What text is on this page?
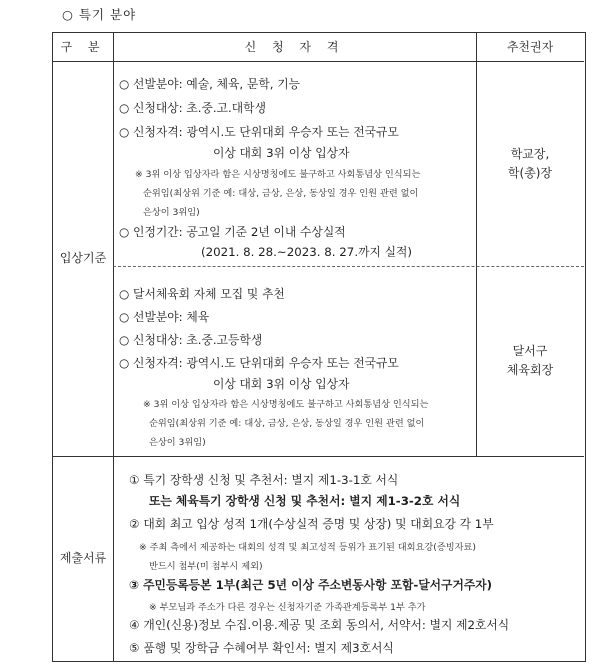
○ 특기 분야
구 분	신 청 자 격	추천권자
입상기준
제출서류
학교장,
학(총)장
달서구
체육회장
○ 선발분야: 예술, 체육, 문학, 기능
○ 신청대상: 초.중.고.대학생
○ 신청자격: 광역시.도 단위대회 우승자 또는 전국규모
이상 대회 3위 이상 입상자
※ 3위 이상 입상자라 함은 시상명칭에도 불구하고 사회통념상 인식되는
순위임(최상위 기준 예: 대상, 금상, 은상, 동상일 경우 인원 관련 없이
은상이 3위임)
○ 인정기간: 공고일 기준 2년 이내 수상실적
(2021. 8. 28.~2023. 8. 27.까지 실적)
○ 달서체육회 자체 모집 및 추천
○ 선발분야: 체육
○ 신청대상: 초.중.고등학생
○ 신청자격: 광역시.도 단위대회 우승자 또는 전국규모
이상 대회 3위 이상 입상자
※ 3위 이상 입상자라 함은 시상명칭에도 불구하고 사회통념상 인식되는
순위임(최상위 기준 예: 대상, 금상, 은상, 동상일 경우 인원 관련 없이
은상이 3위임)
① 특기 장학생 신청 및 추천서: 별지 제1-3-1호 서식
또는 체육특기 장학생 신청 및 추천서: 별지 제1-3-2호 서식
② 대회 최고 입상 성적 1개(수상실적 증명 및 상장) 및 대회요강 각 1부
※ 주최 측에서 제공하는 대회의 성격 및 최고성적 등위가 표기된 대회요강(증빙자료)
반드시 첨부(미 첨부시 제외)
③ 주민등록등본 1부(최근 5년 이상 주소변동사항 포함-달서구거주자)
※ 부모님과 주소가 다른 경우는 신청자기준 가족관계등록부 1부 추가
④ 개인(신용)정보 수집.이용.제공 및 조회 동의서, 서약서: 별지 제2호서식
⑤ 품행 및 장학금 수혜여부 확인서: 별지 제3호서식
